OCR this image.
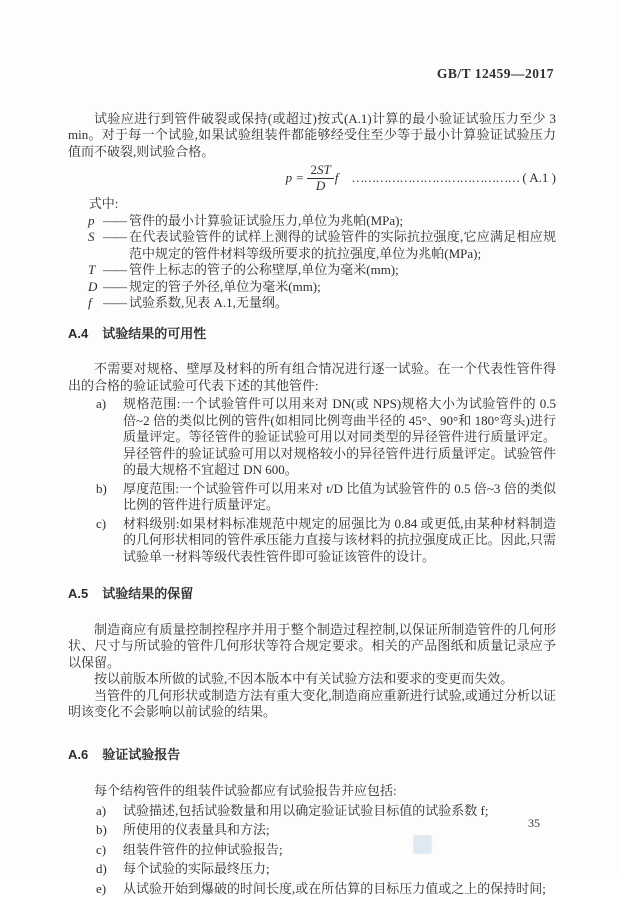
GB/T 12459—2017

试验应进行到管件破裂或保持(或超过)按式(A.1)计算的最小验证试验压力至少 3 min。对于每一个试验,如果试验组装件都能够经受住至少等于最小计算验证试验压力值而不破裂,则试验合格。

$p = \frac{2ST}{D}$ f …………………………………… ( A.1 )

式中:

p —— 管件的最小计算验证试验压力,单位为兆帕(MPa);
S —— 在代表试验管件的试样上测得的试验管件的实际抗拉强度,它应满足相应规范中规定的管件材料等级所要求的抗拉强度,单位为兆帕(MPa);
T —— 管件上标志的管子的公称壁厚,单位为毫米(mm);
D —— 规定的管子外径,单位为毫米(mm);
f —— 试验系数,见表 A.1,无量纲。
A.4 试验结果的可用性

不需要对规格、壁厚及材料的所有组合情况进行逐一试验。在一个代表性管件得出的合格的验证试验可代表下述的其他管件:

a)	规格范围:一个试验管件可以用来对 DN(或 NPS)规格大小为试验管件的 0.5 倍~2 倍的类似比例的管件(如相同比例弯曲半径的 45°、90°和 180°弯头)进行质量评定。等径管件的验证试验可用以对同类型的异径管件进行质量评定。异径管件的验证试验可用以对规格较小的异径管件进行质量评定。试验管件的最大规格不宜超过 DN 600。
b)	厚度范围:一个试验管件可以用来对 t/D 比值为试验管件的 0.5 倍~3 倍的类似比例的管件进行质量评定。
c)	材料级别:如果材料标准规范中规定的屈强比为 0.84 或更低,由某种材料制造的几何形状相同的管件承压能力直接与该材料的抗拉强度成正比。因此,只需试验单一材料等级代表性管件即可验证该管件的设计。
A.5 试验结果的保留

制造商应有质量控制控程序并用于整个制造过程控制,以保证所制造管件的几何形状、尺寸与所试验的管件几何形状等符合规定要求。相关的产品图纸和质量记录应予以保留。

按以前版本所做的试验,不因本版本中有关试验方法和要求的变更而失效。

当管件的几何形状或制造方法有重大变化,制造商应重新进行试验,或通过分析以证明该变化不会影响以前试验的结果。

A.6 验证试验报告

每个结构管件的组装件试验都应有试验报告并应包括:

a)	试验描述,包括试验数量和用以确定验证试验目标值的试验系数 f;
b)	所使用的仪表量具和方法;
c)	组装件管件的拉伸试验报告;
d)	每个试验的实际最终压力;
e)	从试验开始到爆破的时间长度,或在所估算的目标压力值或之上的保持时间;
35
